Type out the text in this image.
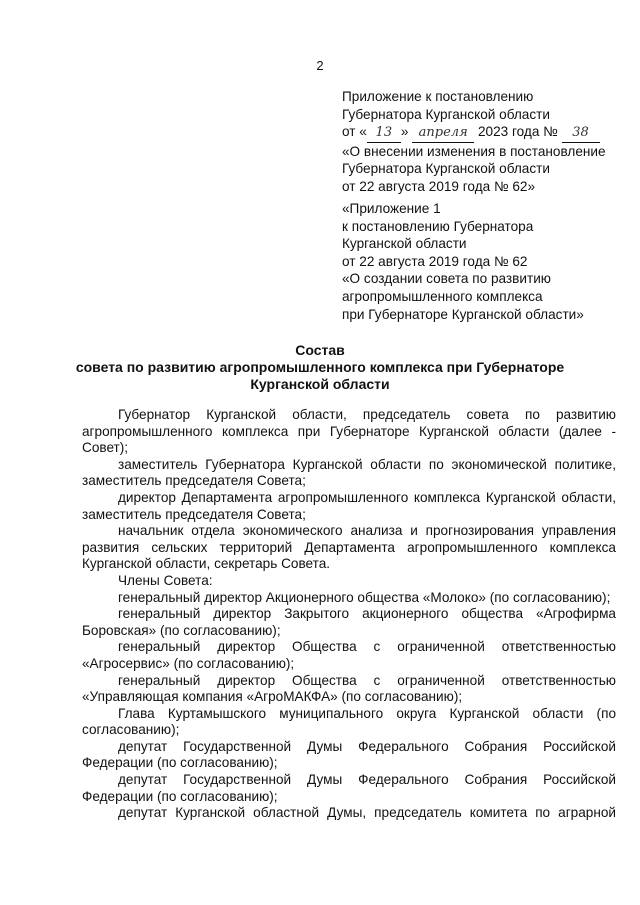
2
Приложение к постановлению
Губернатора Курганской области
от « 13 » апреля 2023 года № 38
«О внесении изменения в постановление
Губернатора Курганской области
от 22 августа 2019 года № 62»
«Приложение 1
к постановлению Губернатора
Курганской области
от 22 августа 2019 года № 62
«О создании совета по развитию
агропромышленного комплекса
при Губернаторе Курганской области»
Состав
совета по развитию агропромышленного комплекса при Губернаторе
Курганской области

Губернатор Курганской области, председатель совета по развитию агропромышленного комплекса при Губернаторе Курганской области (далее - Совет);

заместитель Губернатора Курганской области по экономической политике, заместитель председателя Совета;

директор Департамента агропромышленного комплекса Курганской области, заместитель председателя Совета;

начальник отдела экономического анализа и прогнозирования управления развития сельских территорий Департамента агропромышленного комплекса Курганской области, секретарь Совета.

Члены Совета:

генеральный директор Акционерного общества «Молоко» (по согласованию);

генеральный директор Закрытого акционерного общества «Агрофирма Боровская» (по согласованию);

генеральный директор Общества с ограниченной ответственностью «Агросервис» (по согласованию);

генеральный директор Общества с ограниченной ответственностью «Управляющая компания «АгроМАКФА» (по согласованию);

Глава Куртамышского муниципального округа Курганской области (по согласованию);

депутат Государственной Думы Федерального Собрания Российской Федерации (по согласованию);

депутат Государственной Думы Федерального Собрания Российской Федерации (по согласованию);

депутат Курганской областной Думы, председатель комитета по аграрной
